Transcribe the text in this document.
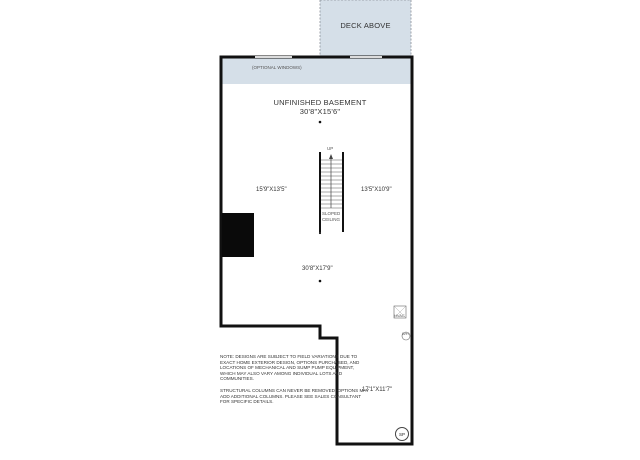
DECK ABOVE
(OPTIONAL WINDOWS)
UNFINISHED BASEMENT
30'8"X15'6"
UP
SLOPED
CEILING
15'9"X13'5"	13'5"X10'9"
30'8"X17'9"
17'1"X11'7"
HVAC
WH
SP

NOTE: DESIGNS ARE SUBJECT TO FIELD VARIATIONS DUE TO EXACT HOME EXTERIOR DESIGN, OPTIONS PURCHASED, AND LOCATIONS OF MECHANICAL AND SUMP PUMP EQUIPMENT, WHICH MAY ALSO VARY AMONG INDIVIDUAL LOTS AND COMMUNITIES.

STRUCTURAL COLUMNS CAN NEVER BE REMOVED. OPTIONS MAY ADD ADDITIONAL COLUMNS. PLEASE SEE SALES CONSULTANT FOR SPECIFIC DETAILS.
